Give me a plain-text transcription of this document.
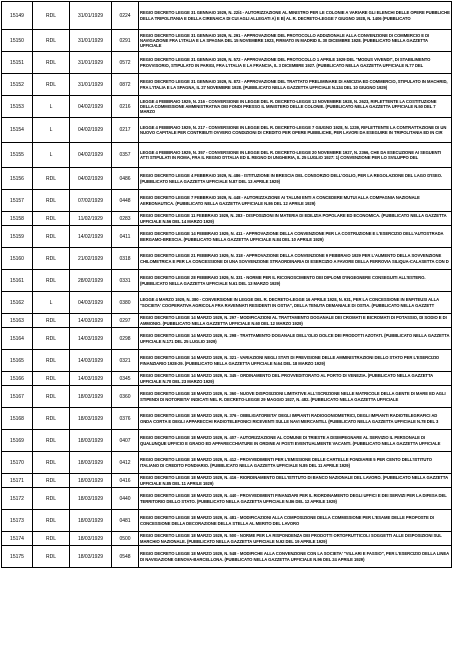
15149	RDL	31/01/1929	0224	REGIO DECRETO LEGGE 31 GENNAIO 1929, N. 22/4 - AUTORIZZAZIONE AL MINISTRO PER LE COLONIE A VARIARE GLI ELENCHI DELLE OPERE PUBBLICHE DELLA TRIPOLITANIA E DELLA CIRENAICA DI CUI AGLI ALLEGATI A) E B) AL R. DECRETO-LEGGE 7 GIUGNO 1928, N. 1406 (PUBBLICATO
15150	RDL	31/01/1929	0291	REGIO DECRETO LEGGE 31 GENNAIO 1929, N. 291 - APPROVAZIONE DEL PROTOCOLLO ADDIZIONALE ALLA CONVENZIONE DI COMMERCIO E DI NAVIGAZIONE FRA L'ITALIA E LA SPAGNA DEL 15 NOVEMBRE 1923, FIRMATO IN MADRID IL 30 DICEMBRE 1928. (PUBBLICATO NELLA GAZZETTA UFFICIALE
15151	RDL	31/01/1929	0572	REGIO DECRETO LEGGE 31 GENNAIO 1929, N. 572 - APPROVAZIONE DEL PROTOCOLLO 1 APRILE 1929 DEL "MODUS VIVENDI", DI STABILIMENTO PROVVISORIO, STIPULATO IN PARIGI, FRA L'ITALIA E LA FRANCIA, IL 3 DICEMBRE 1927. (PUBBLICATO NELLA GAZZETTA UFFICIALE N.77 DEL
15152	RDL	31/01/1929	0872	REGIO DECRETO LEGGE 31 GENNAIO 1929, N. 872 - APPROVAZIONE DEL TRATTATO PRELIMINARE DI AMICIZIA ED COMMERCIO, STIPULATO IN MACHRID, FRA L'ITALIA E LA SPAGNA, IL 27 NOVEMBRE 1928. (PUBBLICATO NELLA GAZZETTA UFFICIALE N.134 DEL 10 GIUGNO 1929)
15153	L	04/02/1929	0216	LEGGE 4 FEBBRAIO 1929, N. 216 - CONVERSIONE IN LEGGE DEL R. DECRETO-LEGGE 13 NOVEMBRE 1928, N. 2623, RIFLETTENTE LA COSTITUZIONE DELLA COMMISSIONE AMMINISTRATIVA DEI FONDI PRESSO IL MINISTERO DELLE COLONIE. (PUBBLICATO NELLA GAZZETTA UFFICIALE N.50 DEL 7 MARZO
15154	L	04/02/1929	0217	LEGGE 4 FEBBRAIO 1929, N. 217 - CONVERSIONE IN LEGGE DEL R. DECRETO-LEGGE 7 GIUGNO 1928, N. 1239, RIFLETTENTE LA CONTRATTAZIONE DI UN NUOVO CAPITALE PER CONTRIBUTI OVVERO CONDIZIONI DI CREDITO PER OPERE PUBBLICHE, PER LAVORI DA ESEGUIRE IN TRIPOLITANIA ED IN CIR
15155	L	04/02/1929	0357	LEGGE 4 FEBBRAIO 1929, N. 357 - CONVERSIONE IN LEGGE DEL R. DECRETO-LEGGE 20 NOVEMBRE 1927, N. 2366, CHE DA ESECUZIONE AI SEGUENTI ATTI STIPULATI IN ROMA, FRA IL REGNO D'ITALIA ED IL REGNO DI UNGHERIA, IL 25 LUGLIO 1927: 1) CONVENZIONE PER LO SVILUPPO DEL
15156	RDL	04/02/1929	0486	REGIO DECRETO LEGGE 4 FEBBRAIO 1929, N. 486 - ISTITUZIONE IN BRESCIA DEL CONSORZIO DELL'OGLIO, PER LA REGOLAZIONE DEL LAGO D'ISEO. (PUBBLICATO NELLA GAZZETTA UFFICIALE N.87 DEL 13 APRILE 1929)
15157	RDL	07/02/1929	0448	REGIO DECRETO LEGGE 7 FEBBRAIO 1929, N. 448 - AUTORIZZAZIONE AI TALUNI ENTI A CONCEDERE MUTUI ALLA COMPAGNIA NAZIONALE AEREONAUTICA. (PUBBLICATO NELLA GAZZETTA UFFICIALE N.86 DEL 12 APRILE 1929)
15158	RDL	11/02/1929	0283	REGIO DECRETO LEGGE 11 FEBBRAIO 1929, N. 283 - DISPOSIZIONI IN MATERIA DI EDILIZIA POPOLARE ED ECONOMICA. (PUBBLICATO NELLA GAZZETTA UFFICIALE N.56 DEL 14 MARZO 1929)
15159	RDL	14/02/1929	0411	REGIO DECRETO LEGGE 14 FEBBRAIO 1929, N. 411 - APPROVAZIONE DELLA CONVENZIONE PER LA COSTRUZIONE E L'ESERCIZIO DELL'AUTOSTRADA BERGAMO-BRESCIA. (PUBBLICATO NELLA GAZZETTA UFFICIALE N.84 DEL 10 APRILE 1929)
15160	RDL	21/02/1929	0318	REGIO DECRETO LEGGE 21 FEBBRAIO 1929, N. 318 - APPROVAZIONE DELLA CONVENZIONE 9 FEBBRAIO 1929 PER L'AUMENTO DELLA SOVVENZIONE CHILOMETRICA E PER LA CONCESSIONE DI UNA SOVVENZIONE STRAORDINARIA DI ESERCIZIO A FAVORE DELLA FERROVIA SILIQUA-CALASETTA CON D
15161	RDL	28/02/1929	0331	REGIO DECRETO LEGGE 28 FEBBRAIO 1929, N. 331 - NORME PER IL RICONOSCIMENTO DEI DIPLOMI D'INGEGNERE CONSEGUITI ALL'ESTERO. (PUBBLICATO NELLA GAZZETTA UFFICIALE N.61 DEL 13 MARZO 1929)
15162	L	04/03/1929	0380	LEGGE 4 MARZO 1929, N. 380 - CONVERSIONE IN LEGGE DEL R. DECRETO-LEGGE 16 APRILE 1928, N. 931, PER LA CONCESSIONE IN ENFITEUSI ALLA "SOCIETA' COOPERATIVA AGRICOLA FRA RAVENNATI RESIDENTI IN OSTIA", DELLA TENUTA DEMANIALE DI OSTIA. (PUBBLICATO NELLA GAZZETT
15163	RDL	14/03/1929	0297	REGIO DECRETO LEGGE 14 MARZO 1929, N. 297 - MODIFICAZIONI AL TRATTAMENTO DOGANALE DEI CROMATI E BICROMATI DI POTASSIO, DI SODIO E DI AMMONIO. (PUBBLICATO NELLA GAZZETTA UFFICIALE N.60 DEL 12 MARZO 1929)
15164	RDL	14/03/1929	0298	REGIO DECRETO LEGGE 14 MARZO 1929, N. 298 - TRATTAMENTO DOGANALE DELL'OLIO DOLCE DEI PRODOTTI AZOTATI. (PUBBLICATO NELLA GAZZETTA UFFICIALE N.171 DEL 25 LUGLIO 1929)
15165	RDL	14/03/1929	0321	REGIO DECRETO LEGGE 14 MARZO 1929, N. 321 - VARIAZIONI NEGLI STATI DI PREVISIONE DELLE AMMINISTRAZIONI DELLO STATO PER L'ESERCIZIO FINANZIARIO 1928-29. (PUBBLICATO NELLA GAZZETTA UFFICIALE N.64 DEL 18 MARZO 1929)
15166	RDL	14/03/1929	0345	REGIO DECRETO LEGGE 14 MARZO 1929, N. 345 - ORDINAMENTO DEL PROVVEDITORATO AL PORTO DI VENEZIA. (PUBBLICATO NELLA GAZZETTA UFFICIALE N.70 DEL 23 MARZO 1929)
15167	RDL	18/03/1929	0360	REGIO DECRETO LEGGE 18 MARZO 1929, N. 360 - NUOVE DISPOSIZIONI LIMITATIVE ALL'ISCRIZIONE NELLE MATRICOLE DELLA GENTE DI MARE ED AGLI STIPENDI DI NOTORIETA' INDICATI NEL R. DECRETO-LEGGE 29 MAGGIO 1927, N. 482. (PUBBLICATO NELLA GAZZETTA UFFICIALE
15168	RDL	18/03/1929	0376	REGIO DECRETO LEGGE 18 MARZO 1929, N. 376 - OBBLIGATORIETA' DEGLI IMPIANTI RADIOGONIOMETRICI, DEGLI IMPIANTI RADIOTELEGRAFICI AD ONDA CORTA E DEGLI APPARECCHI RADIOTELEFONICI RICEVENTI SULLE NAVI MERCANTILI. (PUBBLICATO NELLA GAZZETTA UFFICIALE N.78 DEL 3
15169	RDL	18/03/1929	0407	REGIO DECRETO LEGGE 18 MARZO 1929, N. 407 - AUTORIZZAZIONE AL COMUNE DI TRIESTE A DISIMPEGNARE AL SERVIZIO IL PERSONALE DI QUALUNQUE UFFICIO E GRADO ED APPARECCHIATURE IN ORDINE AI POSTI EVENTUALMENTE VACANTI. (PUBBLICATO NELLA GAZZETTA UFFICIALE
15170	RDL	18/03/1929	0412	REGIO DECRETO LEGGE 18 MARZO 1929, N. 412 - PROVVEDIMENTI PER L'EMISSIONE DELLE CARTELLE FONDIARIE 5 PER CENTO DELL'ISTITUTO ITALIANO DI CREDITO FONDIARIO. (PUBBLICATO NELLA GAZZETTA UFFICIALE N.85 DEL 11 APRILE 1929)
15171	RDL	18/03/1929	0416	REGIO DECRETO LEGGE 18 MARZO 1929, N. 416 - RIORDINAMENTO DELL'ISTITUTO DI BANCO NAZIONALE DEL LAVORO. (PUBBLICATO NELLA GAZZETTA UFFICIALE N.85 DEL 11 APRILE 1929)
15172	RDL	18/03/1929	0440	REGIO DECRETO LEGGE 18 MARZO 1929, N. 440 - PROVVEDIMENTI FINANZIARI PER IL RIORDINAMENTO DEGLI UFFICI E DEI SERVIZI PER LA DIFESA DEL TERRITORIO DELLO STATO. (PUBBLICATO NELLA GAZZETTA UFFICIALE N.86 DEL 12 APRILE 1929)
15173	RDL	18/03/1929	0481	REGIO DECRETO LEGGE 18 MARZO 1929, N. 481 - MODIFICAZIONI ALLA COMPOSIZIONE DELLA COMMISSIONE PER L'ESAME DELLE PROPOSTE DI CONCESSIONE DELLA DECORAZIONE DELLA STELLA AL MERITO DEL LAVORO
15174	RDL	18/03/1929	0500	REGIO DECRETO LEGGE 18 MARZO 1929, N. 500 - NORME PER LA RISPONDENZA DEI PRODOTTI ORTOFRUTTICOLI SOGGETTI ALLE DISPOSIZIONI SUL MARCHIO NAZIONALE. (PUBBLICATO NELLA GAZZETTA UFFICIALE N.92 DEL 19 APRILE 1929)
15175	RDL	18/03/1929	0548	REGIO DECRETO LEGGE 18 MARZO 1929, N. 548 - MODIFICHE ALLA CONVENZIONE CON LA SOCIETA' "VILLARI E FASSIO", PER L'ESERCIZIO DELLA LINEA DI NAVIGAZIONE GENOVA-BARCELLONA. (PUBBLICATO NELLA GAZZETTA UFFICIALE N.96 DEL 24 APRILE 1929)
